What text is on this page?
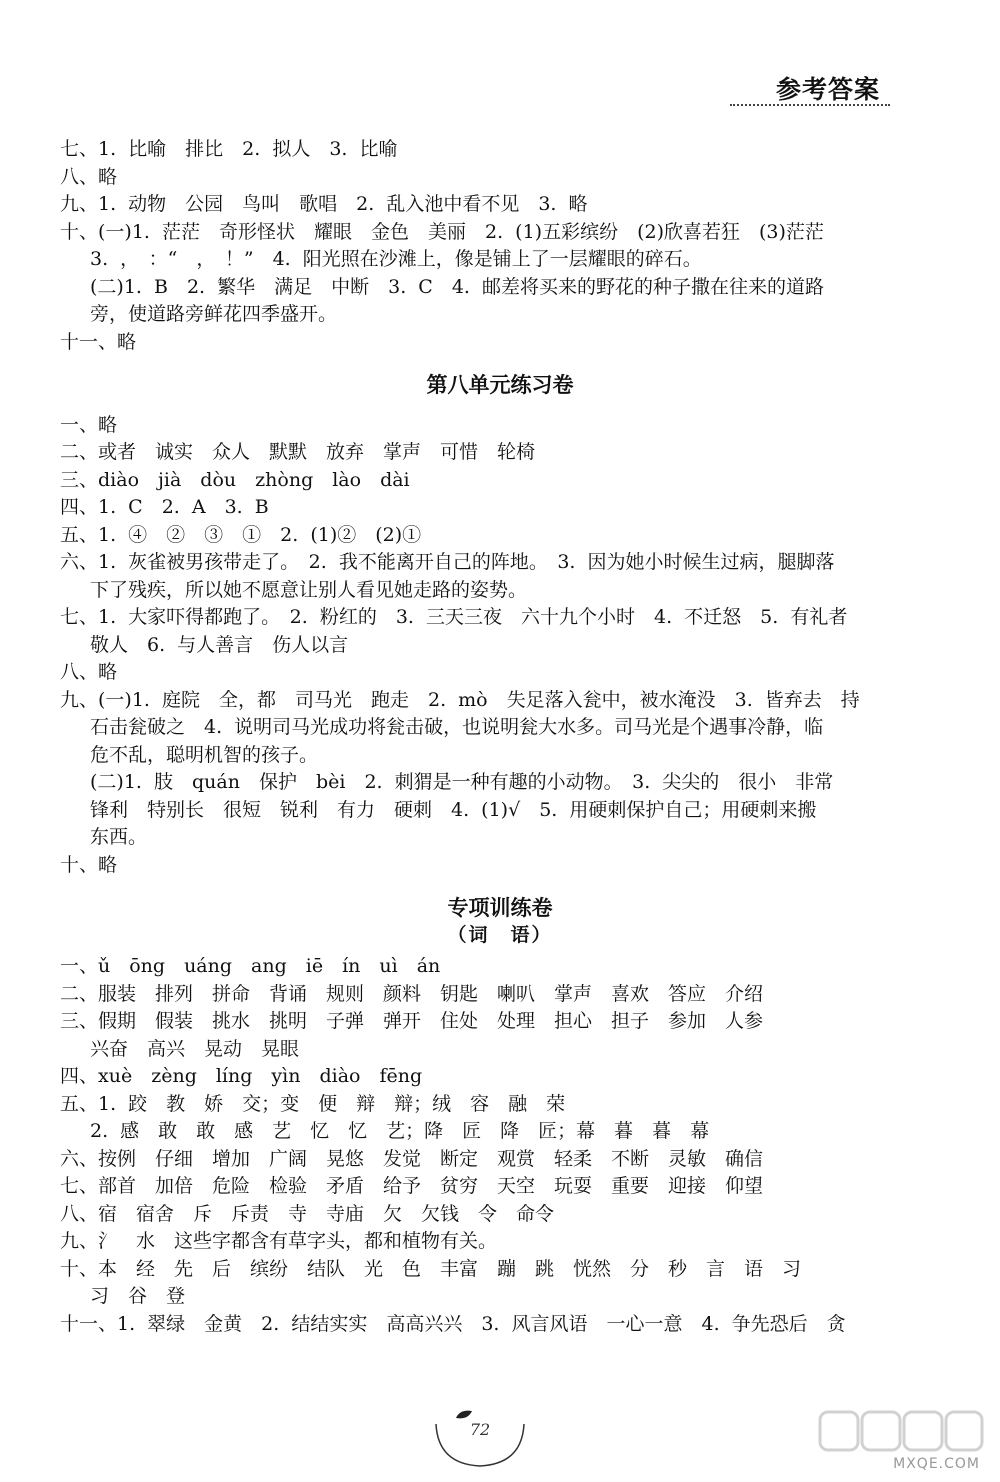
参考答案
七、1. 比喻　排比　2. 拟人　3. 比喻
八、略
九、1. 动物　公园　鸟叫　歌唱　2. 乱入池中看不见　3. 略
十、(一)1. 茫茫　奇形怪状　耀眼　金色　美丽　2. (1)五彩缤纷　(2)欣喜若狂　(3)茫茫
3. ，　：“　，　！”　4. 阳光照在沙滩上，像是铺上了一层耀眼的碎石。
(二)1. B　2. 繁华　满足　中断　3. C　4. 邮差将买来的野花的种子撒在往来的道路
旁，使道路旁鲜花四季盛开。
十一、略
第八单元练习卷
一、略
二、或者　诚实　众人　默默　放弃　掌声　可惜　轮椅
三、diào　jià　dòu　zhòng　lào　dài
四、1. C　2. A　3. B
五、1. ④　②　③　①　2. (1)②　(2)①
六、1. 灰雀被男孩带走了。　2. 我不能离开自己的阵地。　3. 因为她小时候生过病，腿脚落
下了残疾，所以她不愿意让别人看见她走路的姿势。
七、1. 大家吓得都跑了。　2. 粉红的　3. 三天三夜　六十九个小时　4. 不迁怒　5. 有礼者
敬人　6. 与人善言　伤人以言
八、略
九、(一)1. 庭院　全，都　司马光　跑走　2. mò　失足落入瓮中，被水淹没　3. 皆弃去　持
石击瓮破之　4. 说明司马光成功将瓮击破，也说明瓮大水多。司马光是个遇事冷静，临
危不乱，聪明机智的孩子。
(二)1. 肢　quán　保护　bèi　2. 刺猬是一种有趣的小动物。　3. 尖尖的　很小　非常
锋利　特别长　很短　锐利　有力　硬刺　4. (1)√　5. 用硬刺保护自己；用硬刺来搬
东西。
十、略
专项训练卷
（词　语）
一、ǔ　ōng　uáng　ang　iē　ín　uì　án
二、服装　排列　拼命　背诵　规则　颜料　钥匙　喇叭　掌声　喜欢　答应　介绍
三、假期　假装　挑水　挑明　子弹　弹开　住处　处理　担心　担子　参加　人参
兴奋　高兴　晃动　晃眼
四、xuè　zèng　líng　yìn　diào　fēng
五、1. 跤　教　娇　交；变　便　辩　辩；绒　容　融　荣
2. 感　敢　敢　感　艺　忆　忆　艺；降　匠　降　匠；幕　暮　暮　幕
六、按例　仔细　增加　广阔　晃悠　发觉　断定　观赏　轻柔　不断　灵敏　确信
七、部首　加倍　危险　检验　矛盾　给予　贫穷　天空　玩耍　重要　迎接　仰望
八、宿　宿舍　斥　斥责　寺　寺庙　欠　欠钱　令　命令
九、氵　水　这些字都含有草字头，都和植物有关。
十、本　经　先　后　缤纷　结队　光　色　丰富　蹦　跳　恍然　分　秒　言　语　习
习　谷　登
十一、1. 翠绿　金黄　2. 结结实实　高高兴兴　3. 风言风语　一心一意　4. 争先恐后　贪
72
MXQE.COM
